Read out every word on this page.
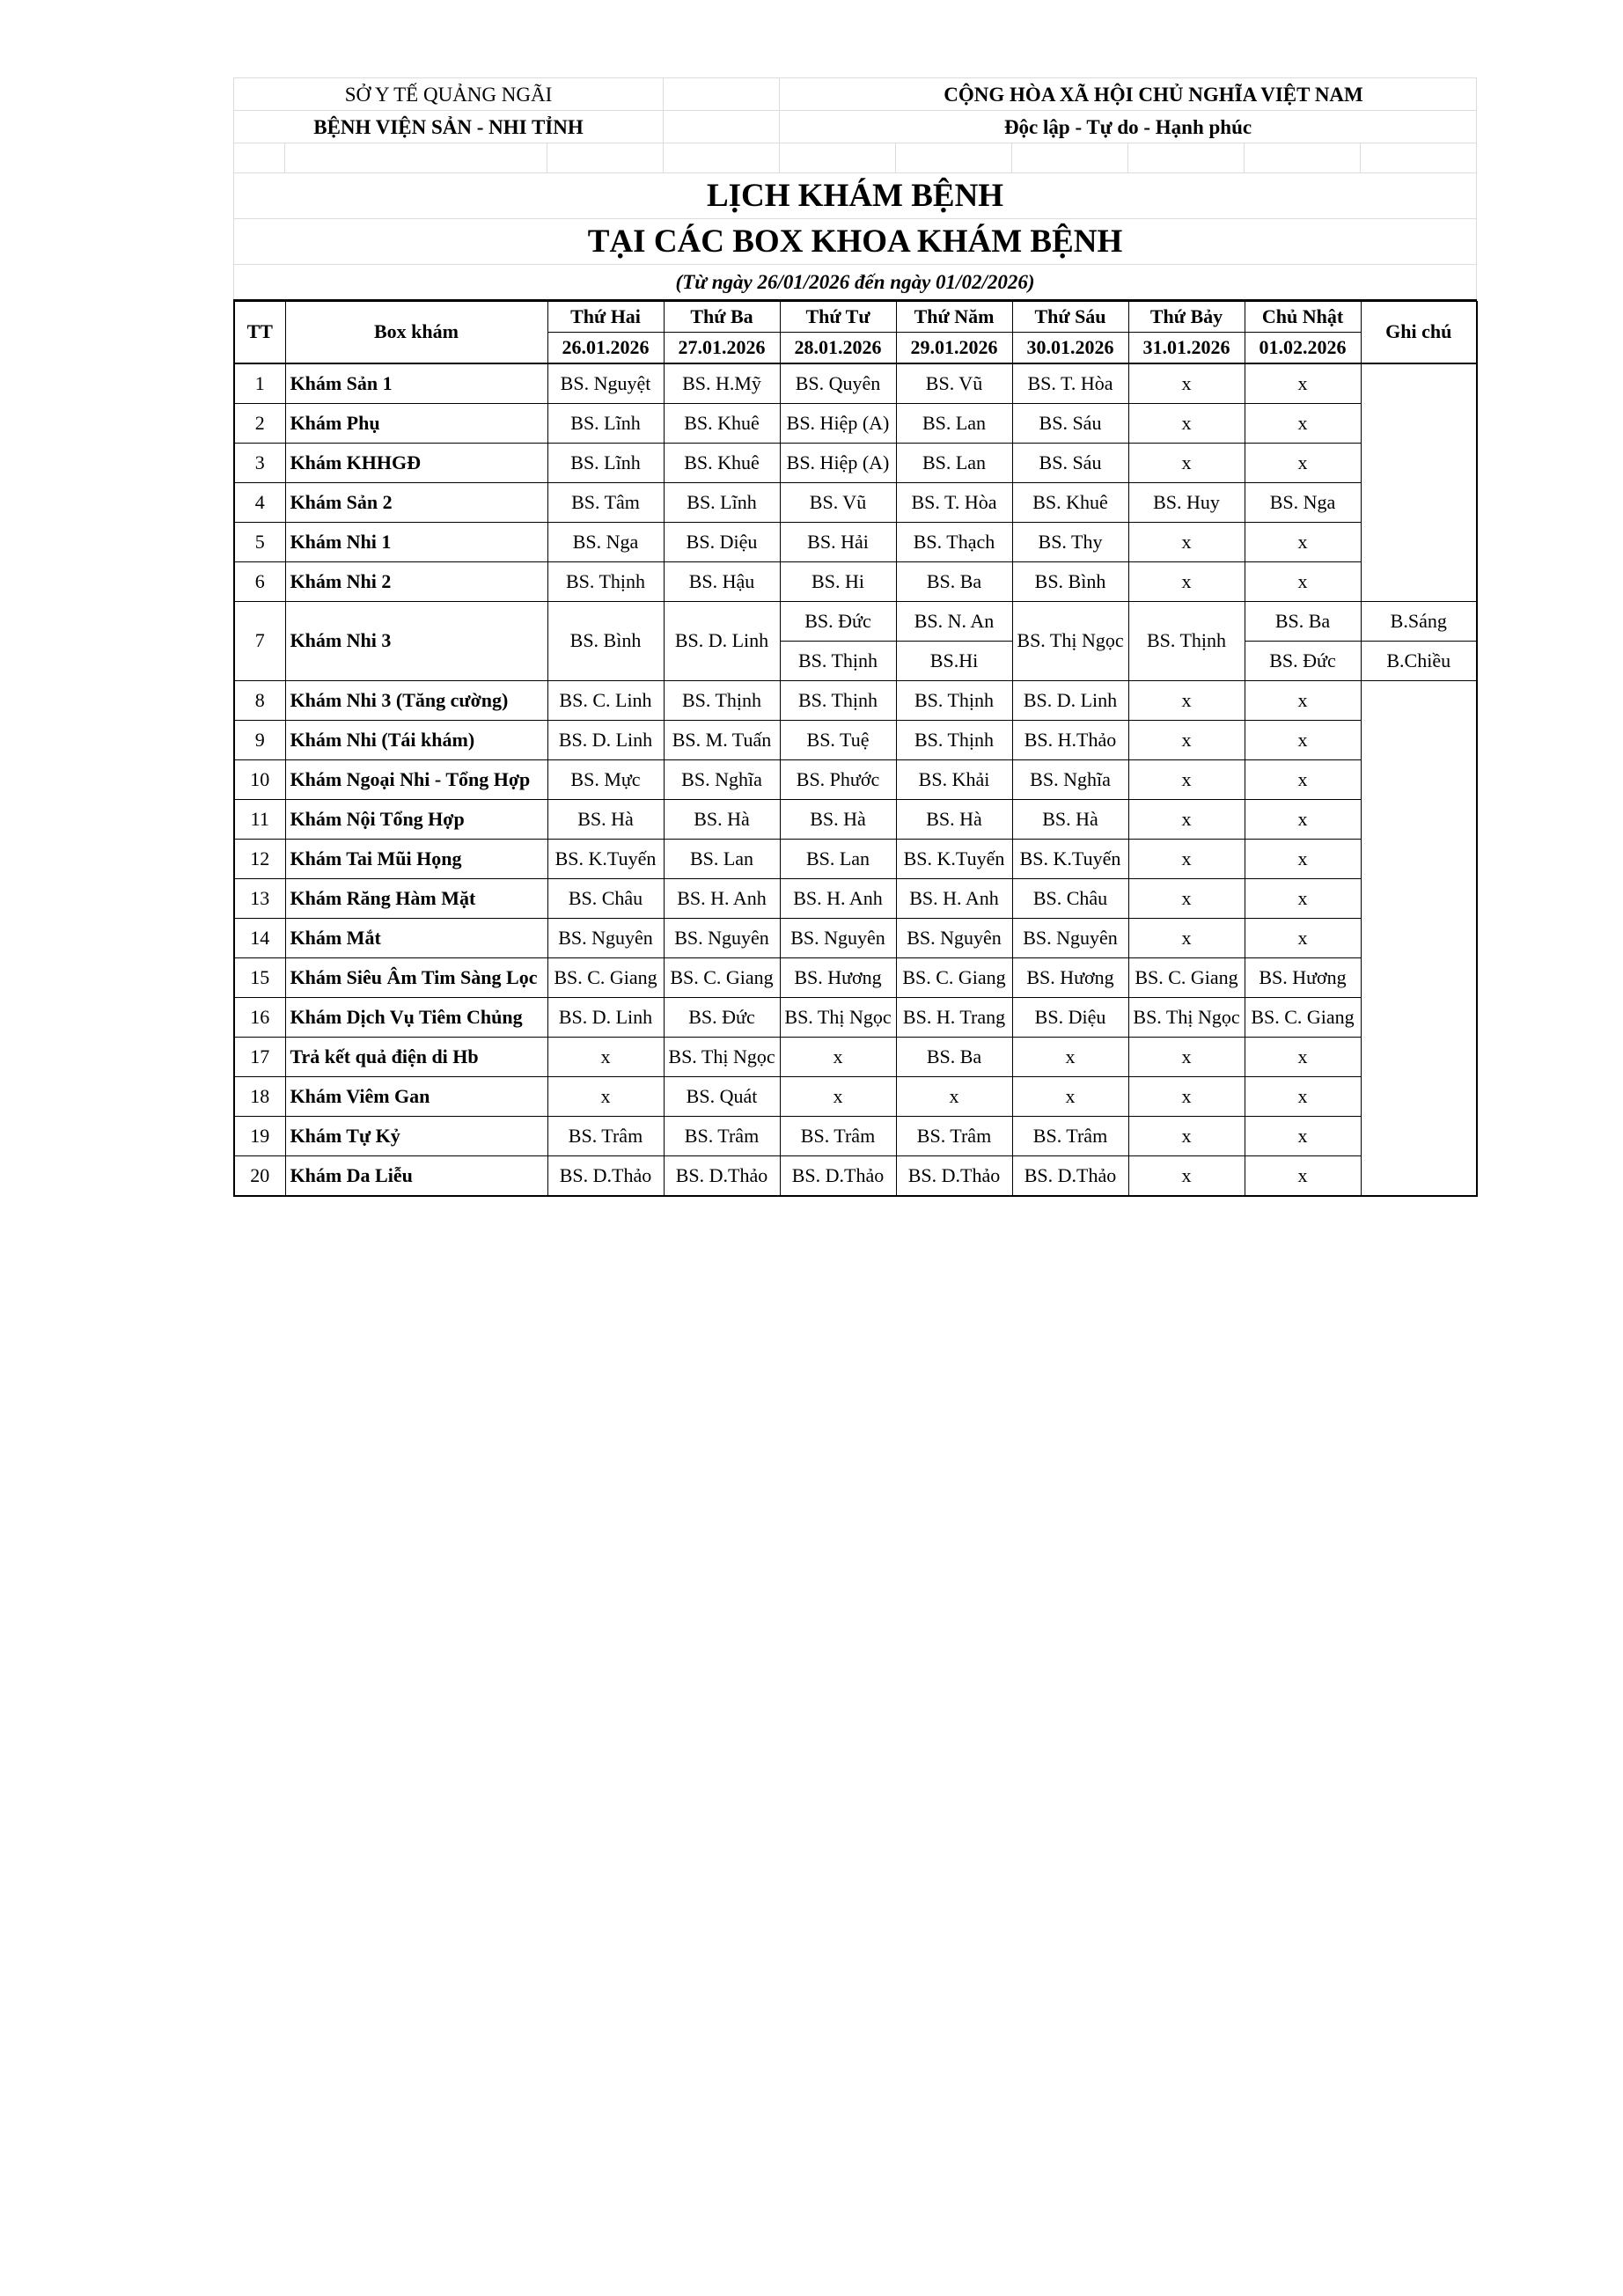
SỞ Y TẾ QUẢNG NGÃI				CỘNG HÒA XÃ HỘI CHỦ NGHĨA VIỆT NAM					
BỆNH VIỆN SẢN - NHI TỈNH				Độc lập - Tự do - Hạnh phúc					

LỊCH KHÁM BỆNH									
TẠI CÁC BOX KHOA KHÁM BỆNH									
(Từ ngày 26/01/2026 đến ngày 01/02/2026)									
TT	Box khám	Thứ Hai	Thứ Ba	Thứ Tư	Thứ Năm	Thứ Sáu	Thứ Bảy	Chủ Nhật	Ghi chú
		26.01.2026	27.01.2026	28.01.2026	29.01.2026	30.01.2026	31.01.2026	01.02.2026	
1	Khám Sản 1	BS. Nguyệt	BS. H.Mỹ	BS. Quyên	BS. Vũ	BS. T. Hòa	x	x	
2	Khám Phụ	BS. Lĩnh	BS. Khuê	BS. Hiệp (A)	BS. Lan	BS. Sáu	x	x	
3	Khám KHHGĐ	BS. Lĩnh	BS. Khuê	BS. Hiệp (A)	BS. Lan	BS. Sáu	x	x	
4	Khám Sản 2	BS. Tâm	BS. Lĩnh	BS. Vũ	BS. T. Hòa	BS. Khuê	BS. Huy	BS. Nga	
5	Khám Nhi 1	BS. Nga	BS. Diệu	BS. Hải	BS. Thạch	BS. Thy	x	x	
6	Khám Nhi 2	BS. Thịnh	BS. Hậu	BS. Hi	BS. Ba	BS. Bình	x	x	
7	Khám Nhi 3	BS. Bình	BS. D. Linh	BS. Đức	BS. N. An	BS. Thị Ngọc	BS. Thịnh	BS. Ba	B.Sáng
				BS. Thịnh	BS.Hi			BS. Đức	B.Chiều
8	Khám Nhi 3 (Tăng cường)	BS. C. Linh	BS. Thịnh	BS. Thịnh	BS. Thịnh	BS. D. Linh	x	x	
9	Khám Nhi (Tái khám)	BS. D. Linh	BS. M. Tuấn	BS. Tuệ	BS. Thịnh	BS. H.Thảo	x	x	
10	Khám Ngoại Nhi - Tổng Hợp	BS. Mực	BS. Nghĩa	BS. Phước	BS. Khải	BS. Nghĩa	x	x	
11	Khám Nội Tổng Hợp	BS. Hà	BS. Hà	BS. Hà	BS. Hà	BS. Hà	x	x	
12	Khám Tai Mũi Họng	BS. K.Tuyến	BS. Lan	BS. Lan	BS. K.Tuyến	BS. K.Tuyến	x	x	
13	Khám Răng Hàm Mặt	BS. Châu	BS. H. Anh	BS. H. Anh	BS. H. Anh	BS. Châu	x	x	
14	Khám Mắt	BS. Nguyên	BS. Nguyên	BS. Nguyên	BS. Nguyên	BS. Nguyên	x	x	
15	Khám Siêu Âm Tim Sàng Lọc	BS. C. Giang	BS. C. Giang	BS. Hương	BS. C. Giang	BS. Hương	BS. C. Giang	BS. Hương	
16	Khám Dịch Vụ Tiêm Chủng	BS. D. Linh	BS. Đức	BS. Thị Ngọc	BS. H. Trang	BS. Diệu	BS. Thị Ngọc	BS. C. Giang	
17	Trả kết quả điện di Hb	x	BS. Thị Ngọc	x	BS. Ba	x	x	x	
18	Khám Viêm Gan	x	BS. Quát	x	x	x	x	x	
19	Khám Tự Kỷ	BS. Trâm	BS. Trâm	BS. Trâm	BS. Trâm	BS. Trâm	x	x	
20	Khám Da Liễu	BS. D.Thảo	BS. D.Thảo	BS. D.Thảo	BS. D.Thảo	BS. D.Thảo	x	x	
